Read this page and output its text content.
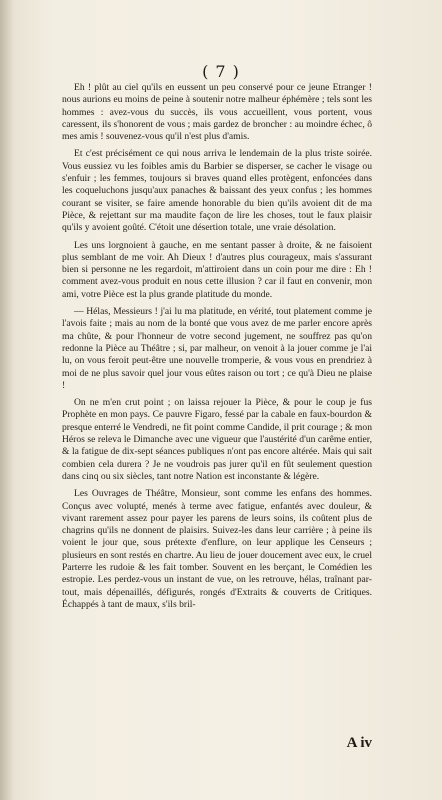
( 7 )

Eh ! plût au ciel qu'ils en eussent un peu conservé pour ce jeune Etranger ! nous aurions eu moins de peine à soutenir notre malheur éphémère ; tels sont les hommes : avez-vous du succès, ils vous accueillent, vous portent, vous caressent, ils s'honorent de vous ; mais gardez de broncher : au moindre échec, ô mes amis ! souvenez-vous qu'il n'est plus d'amis.

Et c'est précisément ce qui nous arriva le lendemain de la plus triste soirée. Vous eussiez vu les foibles amis du Barbier se disperser, se cacher le visage ou s'enfuir ; les femmes, toujours si braves quand elles protègent, enfoncées dans les coqueluchons jusqu'aux panaches & baissant des yeux confus ; les hommes courant se visiter, se faire amende honorable du bien qu'ils avoient dit de ma Pièce, & rejettant sur ma maudite façon de lire les choses, tout le faux plaisir qu'ils y avoient goûté. C'étoit une désertion totale, une vraie désolation.

Les uns lorgnoient à gauche, en me sentant passer à droite, & ne faisoient plus semblant de me voir. Ah Dieux ! d'autres plus courageux, mais s'assurant bien si personne ne les regardoit, m'attiroient dans un coin pour me dire : Eh ! comment avez-vous produit en nous cette illusion ? car il faut en convenir, mon ami, votre Pièce est la plus grande platitude du monde.

— Hélas, Messieurs ! j'ai lu ma platitude, en vérité, tout platement comme je l'avois faite ; mais au nom de la bonté que vous avez de me parler encore après ma chûte, & pour l'honneur de votre second jugement, ne souffrez pas qu'on redonne la Pièce au Théâtre ; si, par malheur, on venoit à la jouer comme je l'ai lu, on vous feroit peut-être une nouvelle tromperie, & vous vous en prendriez à moi de ne plus savoir quel jour vous eûtes raison ou tort ; ce qu'à Dieu ne plaise !

On ne m'en crut point ; on laissa rejouer la Pièce, & pour le coup je fus Prophète en mon pays. Ce pauvre Figaro, fessé par la cabale en faux-bourdon & presque enterré le Vendredi, ne fit point comme Candide, il prit courage ; & mon Héros se releva le Dimanche avec une vigueur que l'austérité d'un carême entier, & la fatigue de dix-sept séances publiques n'ont pas encore altérée. Mais qui sait combien cela durera ? Je ne voudrois pas jurer qu'il en fût seulement question dans cinq ou six siècles, tant notre Nation est inconstante & légère.

Les Ouvrages de Théâtre, Monsieur, sont comme les enfans des hommes. Conçus avec volupté, menés à terme avec fatigue, enfantés avec douleur, & vivant rarement assez pour payer les parens de leurs soins, ils coûtent plus de chagrins qu'ils ne donnent de plaisirs. Suivez-les dans leur carrière ; à peine ils voient le jour que, sous prétexte d'enflure, on leur applique les Censeurs ; plusieurs en sont restés en chartre. Au lieu de jouer doucement avec eux, le cruel Parterre les rudoie & les fait tomber. Souvent en les berçant, le Comédien les estropie. Les perdez-vous un instant de vue, on les retrouve, hélas, traînant par-tout, mais dépenaillés, défigurés, rongés d'Extraits & couverts de Critiques. Échappés à tant de maux, s'ils bril-

A iv
